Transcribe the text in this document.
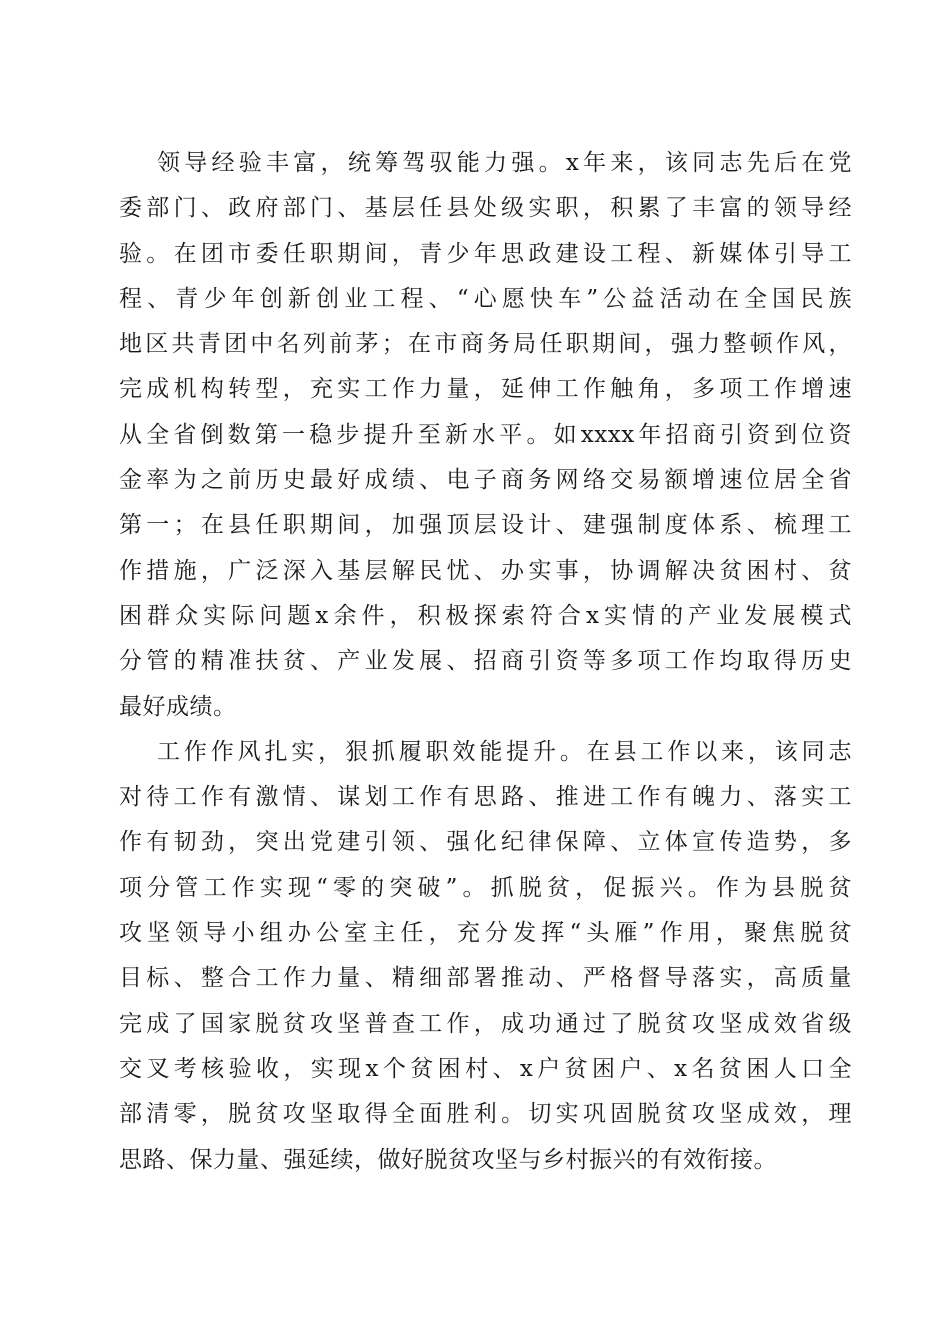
领导经验丰富，统筹驾驭能力强。x年来，该同志先后在党
委部门、政府部门、基层任县处级实职，积累了丰富的领导经
验。在团市委任职期间，青少年思政建设工程、新媒体引导工
程、青少年创新创业工程、“心愿快车”公益活动在全国民族
地区共青团中名列前茅；在市商务局任职期间，强力整顿作风，
完成机构转型，充实工作力量，延伸工作触角，多项工作增速
从全省倒数第一稳步提升至新水平。如xxxx年招商引资到位资
金率为之前历史最好成绩、电子商务网络交易额增速位居全省
第一；在县任职期间，加强顶层设计、建强制度体系、梳理工
作措施，广泛深入基层解民忧、办实事，协调解决贫困村、贫
困群众实际问题x余件，积极探索符合x实情的产业发展模式
分管的精准扶贫、产业发展、招商引资等多项工作均取得历史
最好成绩。
工作作风扎实，狠抓履职效能提升。在县工作以来，该同志
对待工作有激情、谋划工作有思路、推进工作有魄力、落实工
作有韧劲，突出党建引领、强化纪律保障、立体宣传造势，多
项分管工作实现“零的突破”。抓脱贫，促振兴。作为县脱贫
攻坚领导小组办公室主任，充分发挥“头雁”作用，聚焦脱贫
目标、整合工作力量、精细部署推动、严格督导落实，高质量
完成了国家脱贫攻坚普查工作，成功通过了脱贫攻坚成效省级
交叉考核验收，实现x个贫困村、x户贫困户、x名贫困人口全
部清零，脱贫攻坚取得全面胜利。切实巩固脱贫攻坚成效，理
思路、保力量、强延续，做好脱贫攻坚与乡村振兴的有效衔接。
